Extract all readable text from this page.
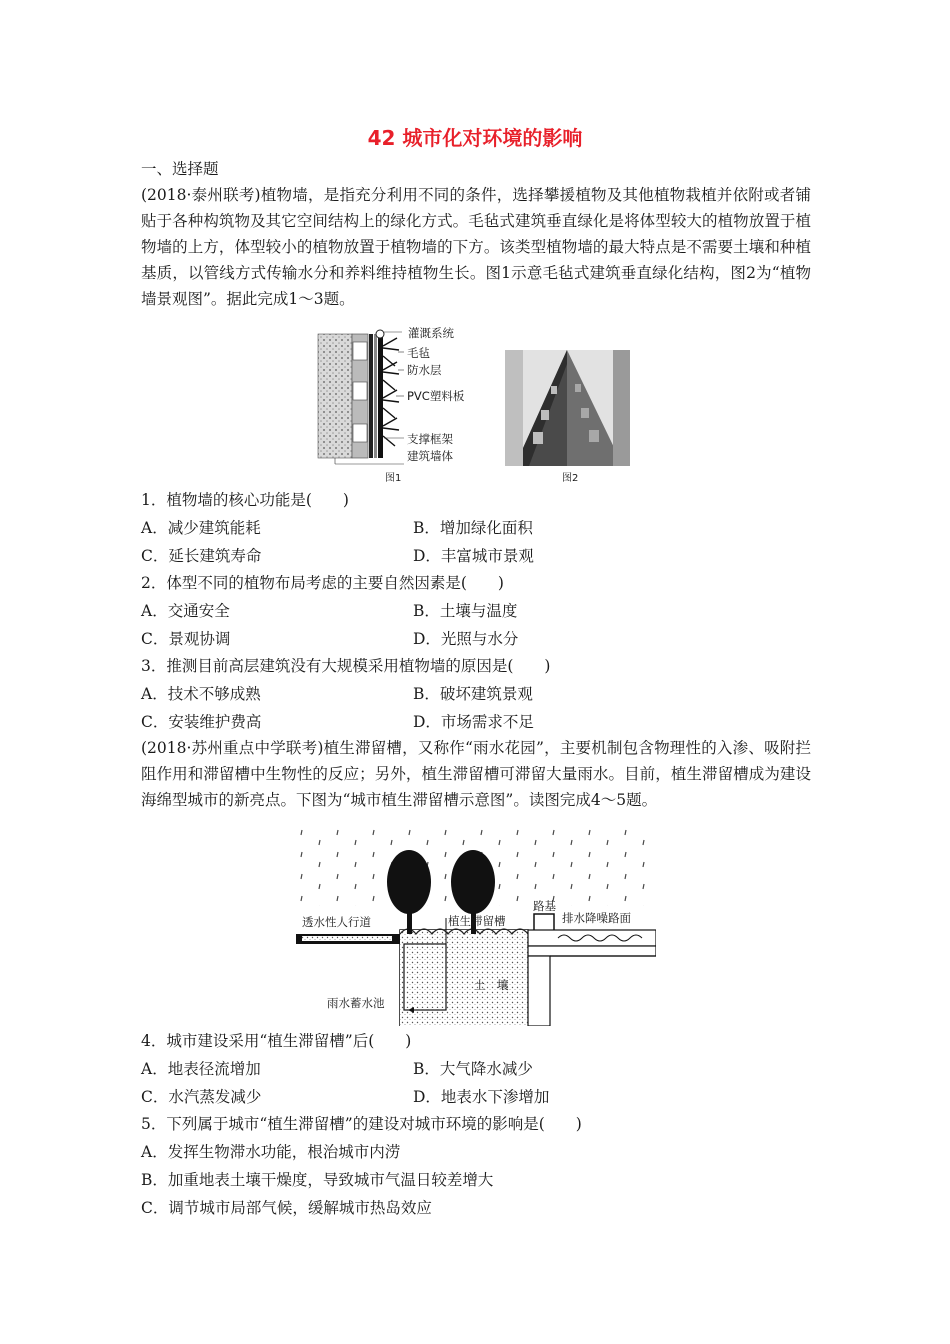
42 城市化对环境的影响
一、选择题
(2018·泰州联考)植物墙，是指充分利用不同的条件，选择攀援植物及其他植物栽植并依附或者铺贴于各种构筑物及其它空间结构上的绿化方式。毛毡式建筑垂直绿化是将体型较大的植物放置于植物墙的上方，体型较小的植物放置于植物墙的下方。该类型植物墙的最大特点是不需要土壤和种植基质，以管线方式传输水分和养料维持植物生长。图1示意毛毡式建筑垂直绿化结构，图2为“植物墙景观图”。据此完成1～3题。
灌溉系统
毛毡
防水层
PVC塑料板
支撑框架
建筑墙体
图1	图2
1．植物墙的核心功能是(　　)
A．减少建筑能耗	B．增加绿化面积
C．延长建筑寿命	D．丰富城市景观
2．体型不同的植物布局考虑的主要自然因素是(　　)
A．交通安全	B．土壤与温度
C．景观协调	D．光照与水分
3．推测目前高层建筑没有大规模采用植物墙的原因是(　　)
A．技术不够成熟	B．破坏建筑景观
C．安装维护费高	D．市场需求不足
(2018·苏州重点中学联考)植生滞留槽，又称作“雨水花园”，主要机制包含物理性的入渗、吸附拦阻作用和滞留槽中生物性的反应；另外，植生滞留槽可滞留大量雨水。目前，植生滞留槽成为建设海绵型城市的新亮点。下图为“城市植生滞留槽示意图”。读图完成4～5题。
透水性人行道	植生滞留槽
路基
排水降噪路面
土　壤
雨水蓄水池
4．城市建设采用“植生滞留槽”后(　　)
A．地表径流增加	B．大气降水减少
C．水汽蒸发减少	D．地表水下渗增加
5．下列属于城市“植生滞留槽”的建设对城市环境的影响是(　　)
A．发挥生物滞水功能，根治城市内涝
B．加重地表土壤干燥度，导致城市气温日较差增大
C．调节城市局部气候，缓解城市热岛效应
